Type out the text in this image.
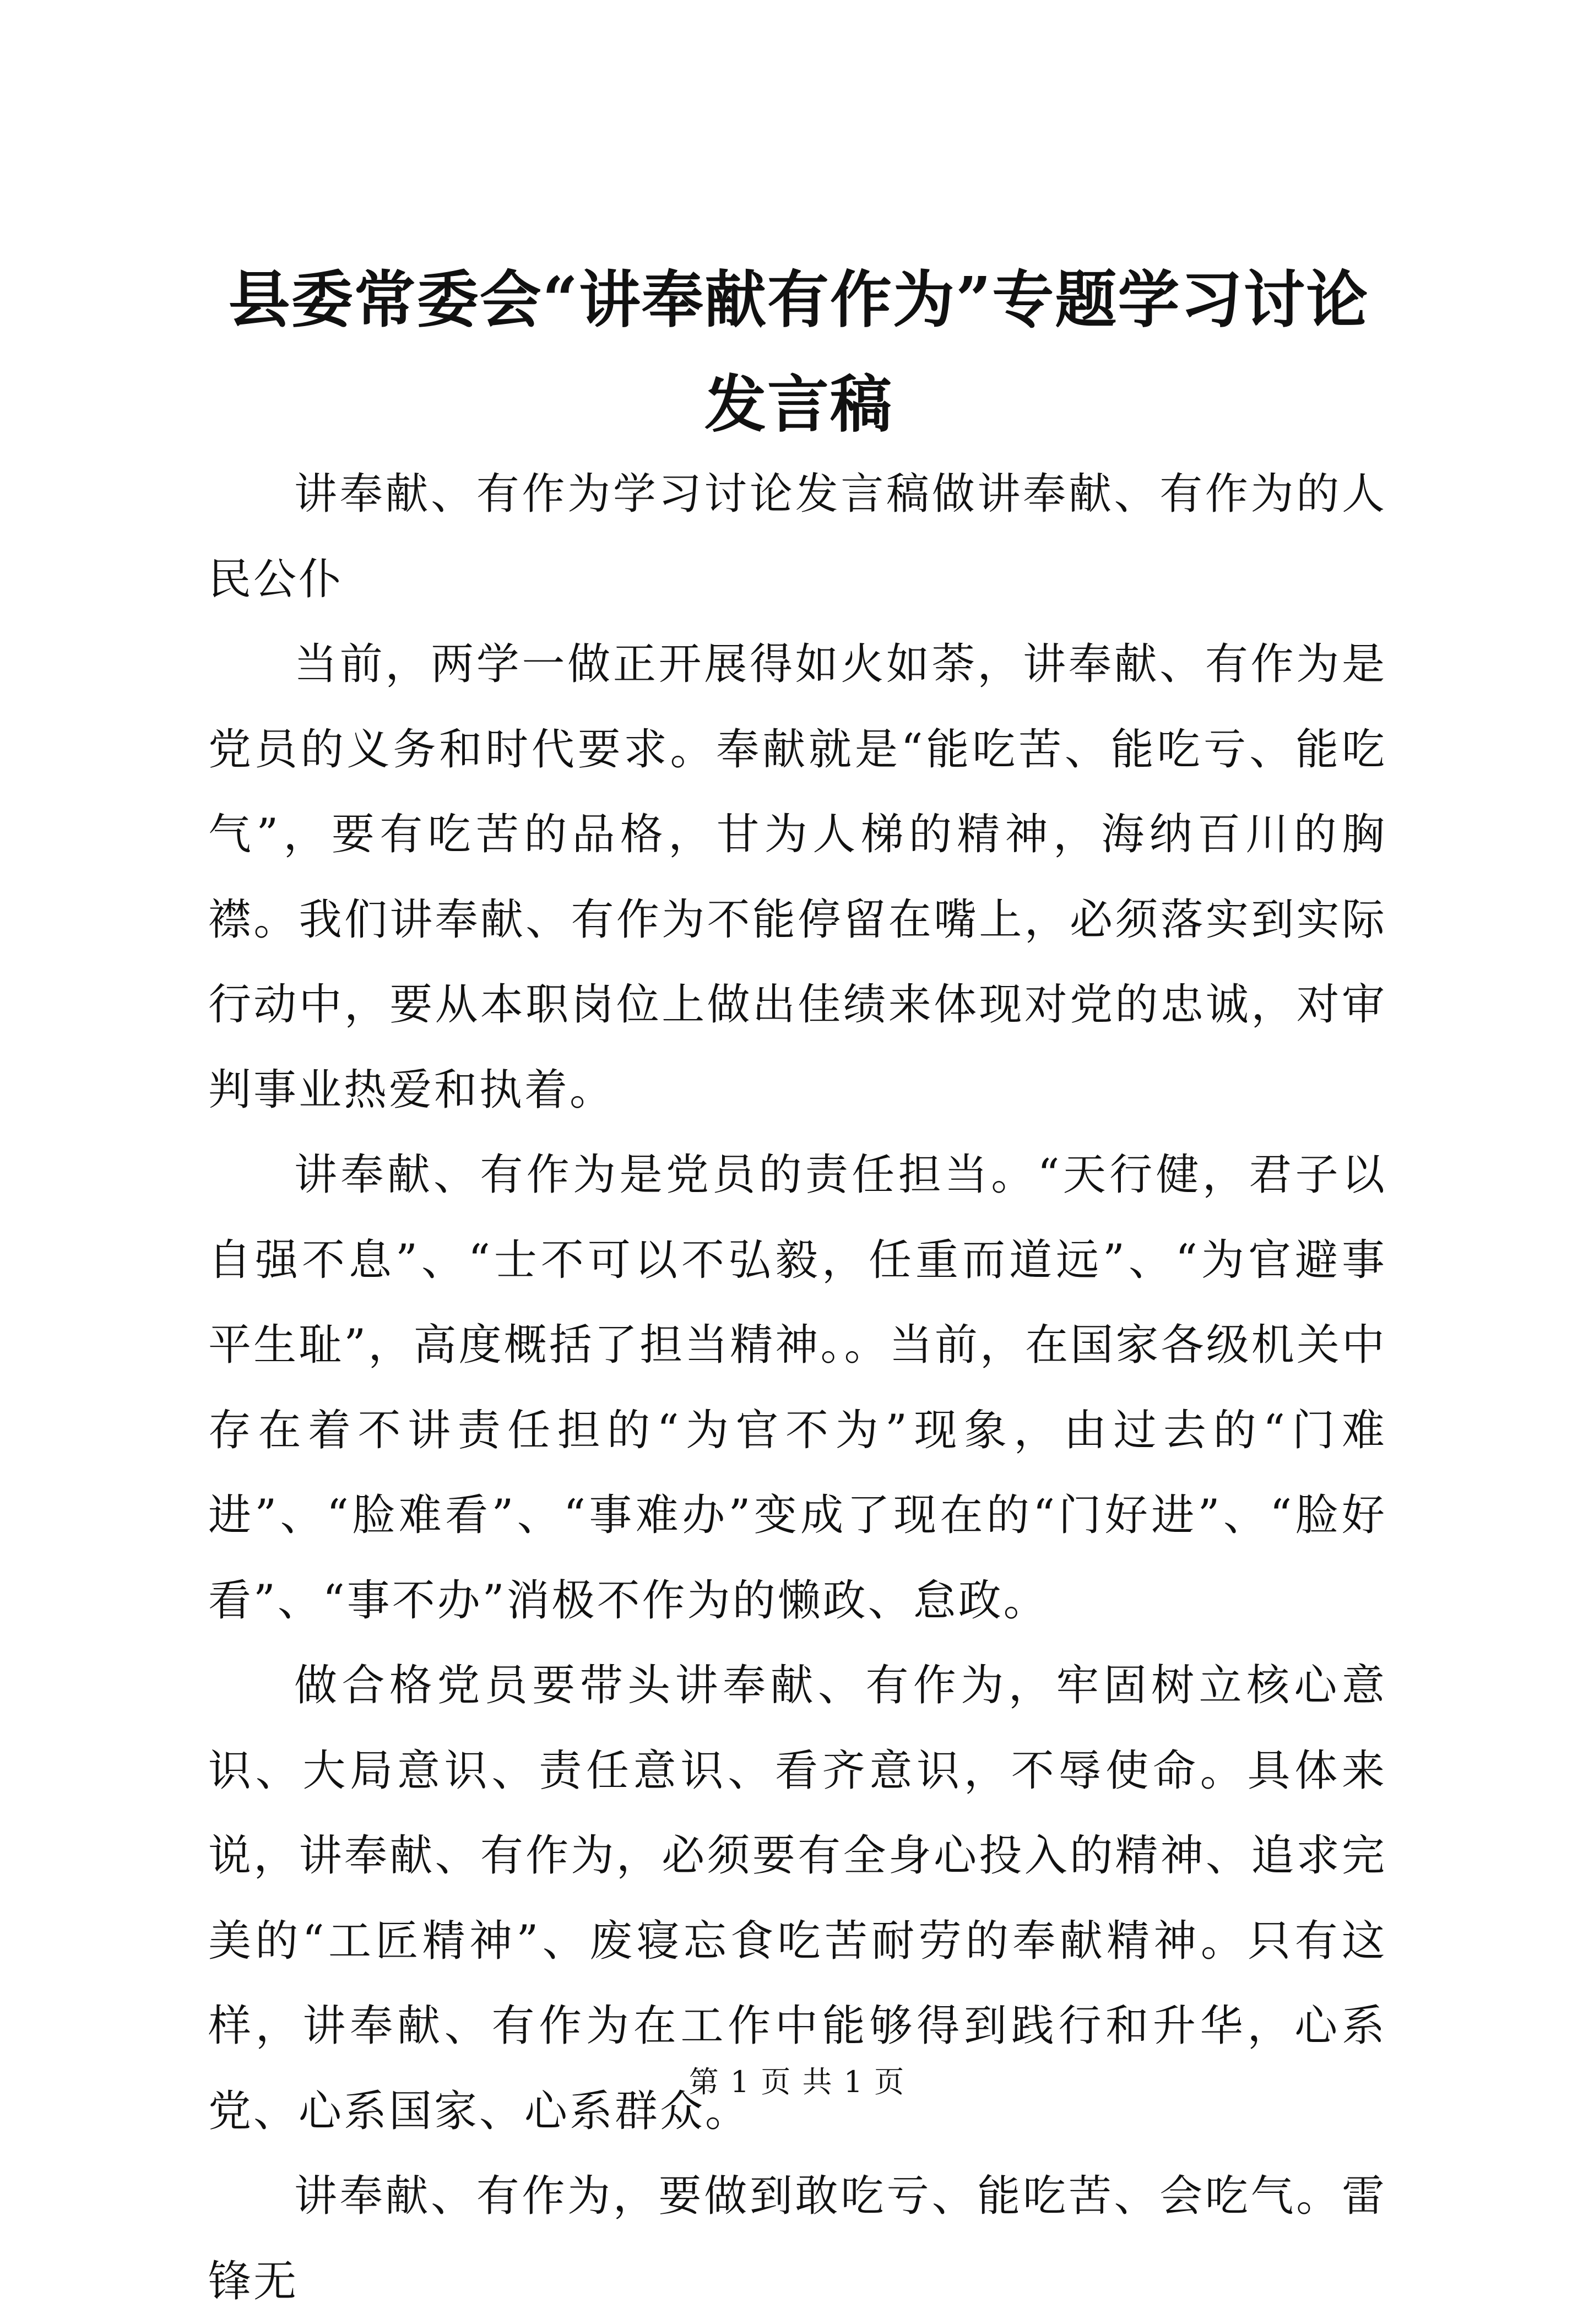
县委常委会“讲奉献有作为”专题学习讨论发言稿

讲奉献、有作为学习讨论发言稿做讲奉献、有作为的人民公仆

当前，两学一做正开展得如火如荼，讲奉献、有作为是党员的义务和时代要求。奉献就是“能吃苦、能吃亏、能吃气”，要有吃苦的品格，甘为人梯的精神，海纳百川的胸襟。我们讲奉献、有作为不能停留在嘴上，必须落实到实际行动中，要从本职岗位上做出佳绩来体现对党的忠诚，对审判事业热爱和执着。

讲奉献、有作为是党员的责任担当。“天行健，君子以自强不息”、“士不可以不弘毅，任重而道远”、“为官避事平生耻”，高度概括了担当精神。。当前，在国家各级机关中存在着不讲责任担的“为官不为”现象，由过去的“门难进”、“脸难看”、“事难办”变成了现在的“门好进”、“脸好看”、“事不办”消极不作为的懒政、怠政。

做合格党员要带头讲奉献、有作为，牢固树立核心意识、大局意识、责任意识、看齐意识，不辱使命。具体来说，讲奉献、有作为，必须要有全身心投入的精神、追求完美的“工匠精神”、废寝忘食吃苦耐劳的奉献精神。只有这样，讲奉献、有作为在工作中能够得到践行和升华，心系党、心系国家、心系群众。

讲奉献、有作为，要做到敢吃亏、能吃苦、会吃气。雷锋无

第 1 页 共 1 页
